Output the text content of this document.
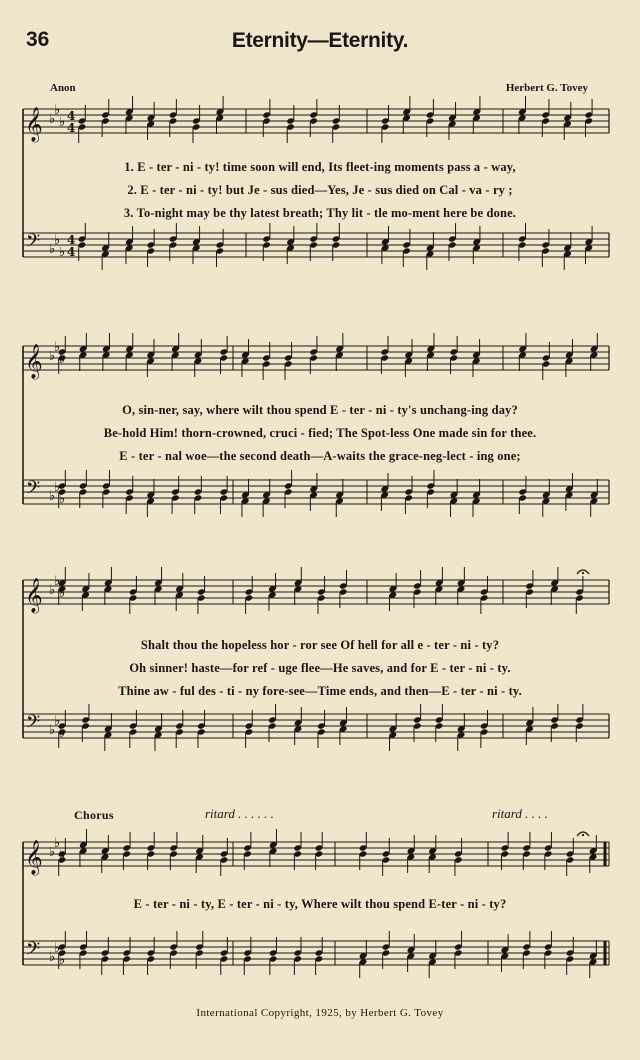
36	Eternity—Eternity.
Anon	Herbert G. Tovey
𝄞 ♭
♭
♭ 4
4
𝄢 ♭
♭
♭
4
4
𝄞 ♭
♭
♭
𝄢 ♭
♭
♭
𝄞 ♭
♭
♭
𝄢 ♭
♭
♭
𝄞 ♭
♭
♭
𝄢 ♭
♭
♭
1. E - ter - ni - ty! time soon will end, Its fleet-ing moments pass a - way,
2. E - ter - ni - ty! but Je - sus died—Yes, Je - sus died on Cal - va - ry ;
3. To-night may be thy latest breath; Thy lit - tle mo-ment here be done.
O, sin-ner, say, where wilt thou spend E - ter - ni - ty's unchang-ing day?
Be-hold Him! thorn-crowned, cruci - fied; The Spot-less One made sin for thee.
E - ter - nal woe—the second death—A-waits the grace-neg-lect - ing one;
Shalt thou the hopeless hor - ror see Of hell for all e - ter - ni - ty?
Oh sinner! haste—for ref - uge flee—He saves, and for E - ter - ni - ty.
Thine aw - ful des - ti - ny fore-see—Time ends, and then—E - ter - ni - ty.
Chorus	ritard . . . . . .	ritard . . . .
E - ter - ni - ty, E - ter - ni - ty, Where wilt thou spend E-ter - ni - ty?
International Copyright, 1925, by Herbert G. Tovey
